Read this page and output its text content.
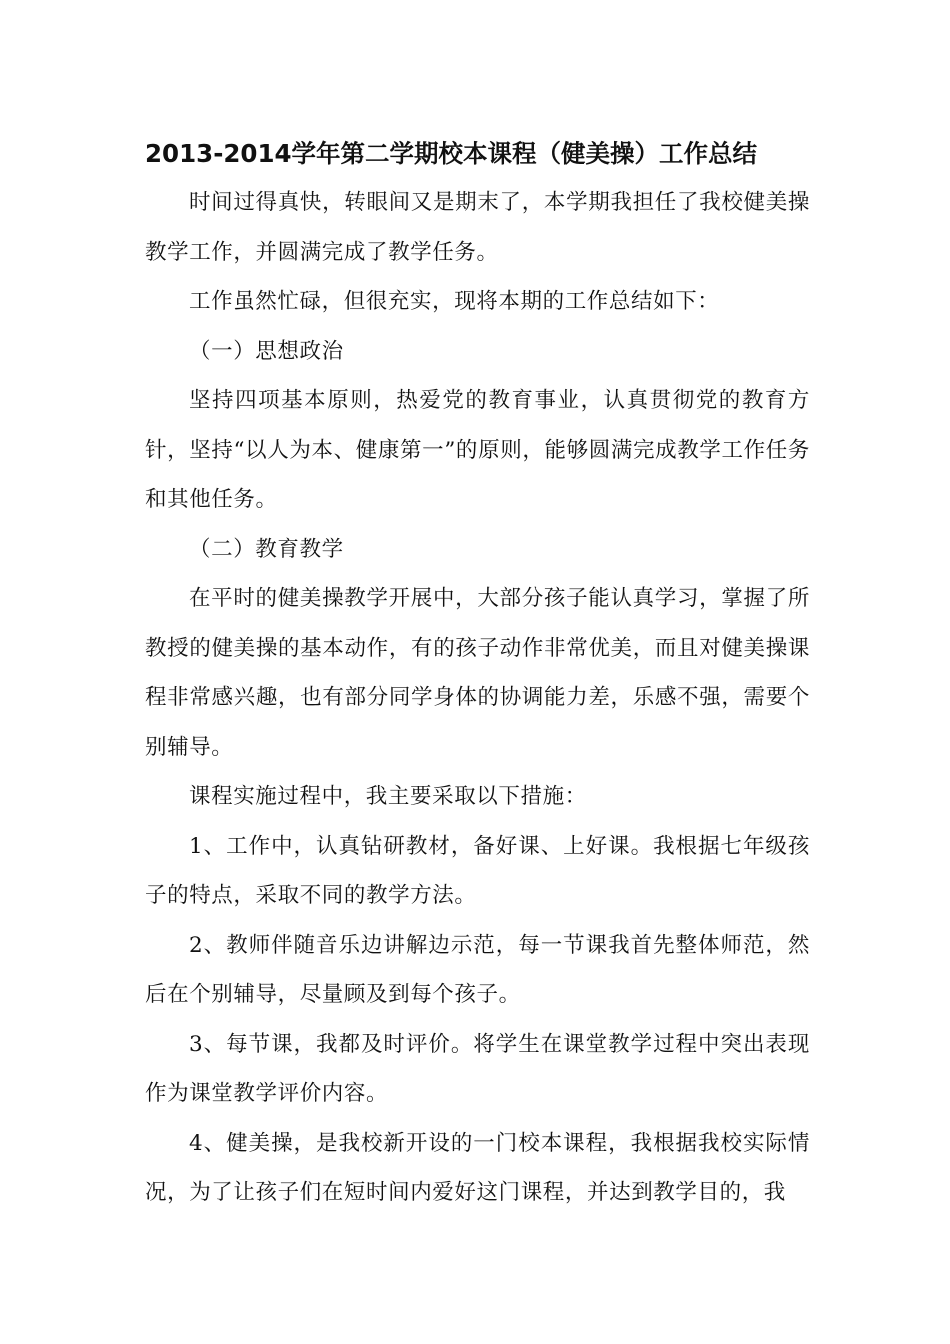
2013-2014学年第二学期校本课程（健美操）工作总结

时间过得真快，转眼间又是期末了，本学期我担任了我校健美操教学工作，并圆满完成了教学任务。

工作虽然忙碌，但很充实，现将本期的工作总结如下：

（一）思想政治

坚持四项基本原则，热爱党的教育事业，认真贯彻党的教育方针，坚持“以人为本、健康第一”的原则，能够圆满完成教学工作任务和其他任务。

（二）教育教学

在平时的健美操教学开展中，大部分孩子能认真学习，掌握了所教授的健美操的基本动作，有的孩子动作非常优美，而且对健美操课程非常感兴趣，也有部分同学身体的协调能力差，乐感不强，需要个别辅导。

课程实施过程中，我主要采取以下措施：

1、工作中，认真钻研教材，备好课、上好课。我根据七年级孩子的特点，采取不同的教学方法。

2、教师伴随音乐边讲解边示范，每一节课我首先整体师范，然后在个别辅导，尽量顾及到每个孩子。

3、每节课，我都及时评价。将学生在课堂教学过程中突出表现作为课堂教学评价内容。

4、健美操，是我校新开设的一门校本课程，我根据我校实际情况，为了让孩子们在短时间内爱好这门课程，并达到教学目的，我
